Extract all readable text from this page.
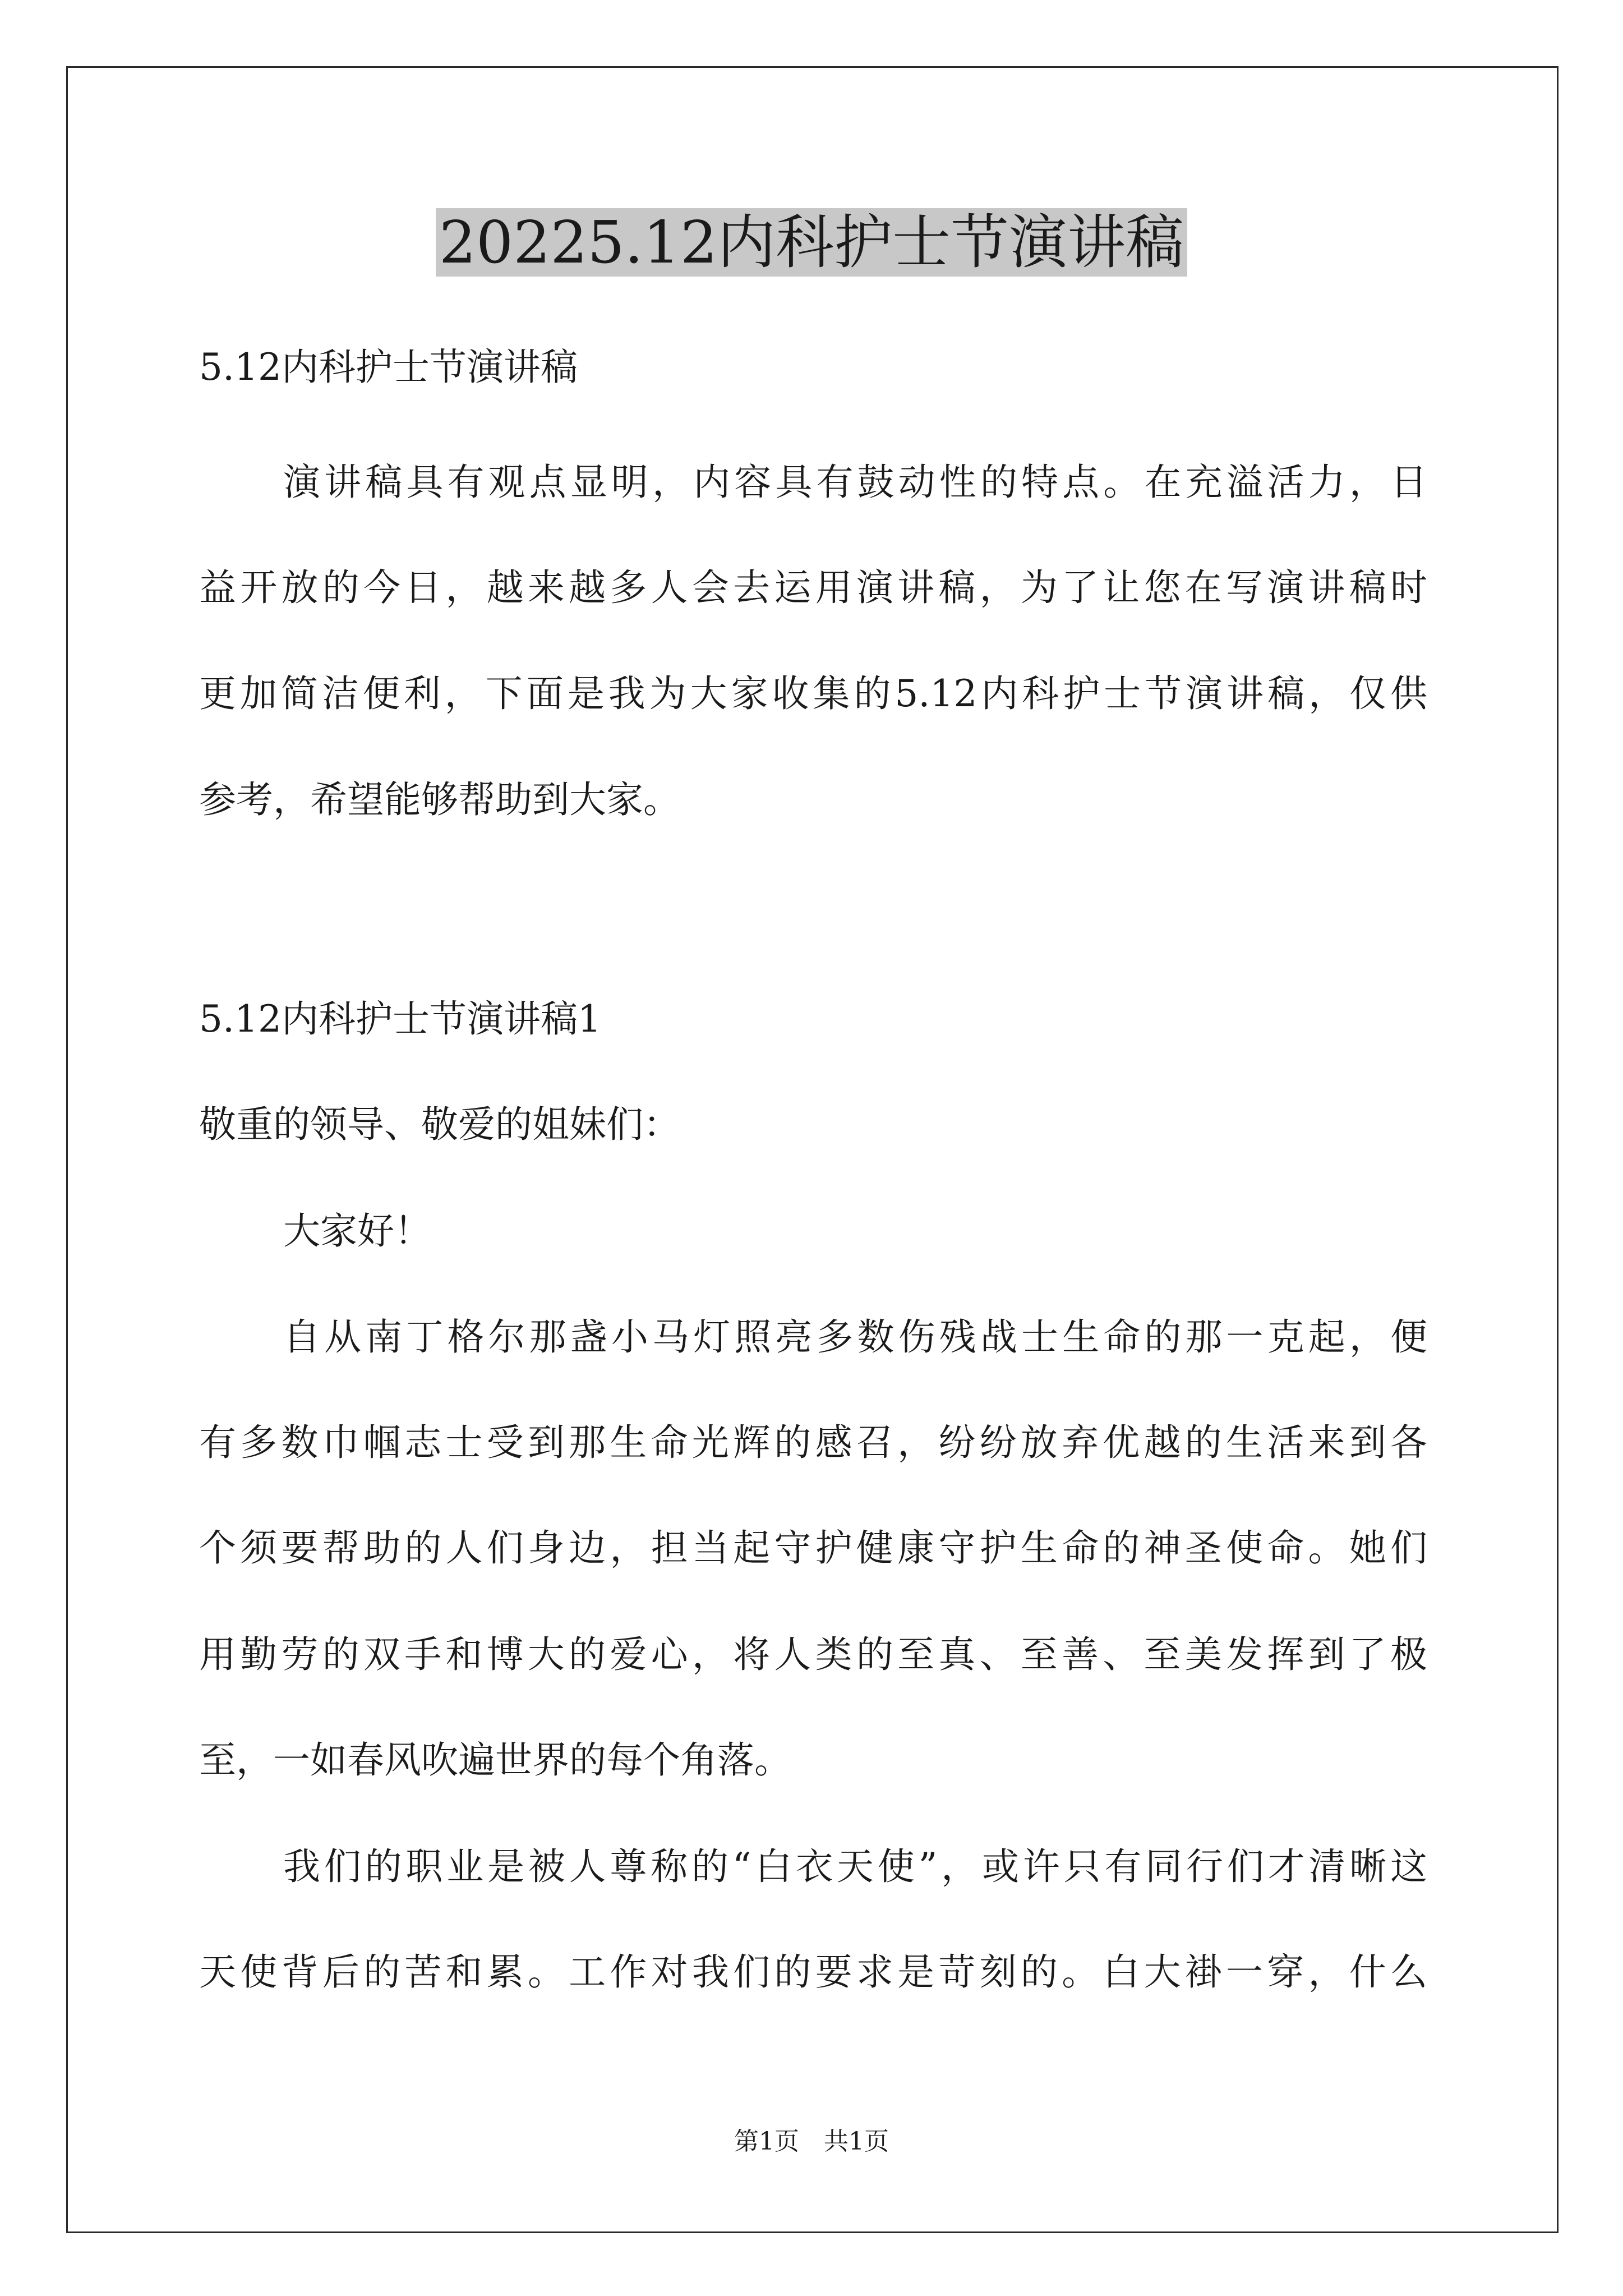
20225.12内科护士节演讲稿

5.12内科护士节演讲稿

演讲稿具有观点显明，内容具有鼓动性的特点。在充溢活力，日

益开放的今日，越来越多人会去运用演讲稿，为了让您在写演讲稿时

更加简洁便利，下面是我为大家收集的5.12内科护士节演讲稿，仅供

参考，希望能够帮助到大家。

5.12内科护士节演讲稿1

敬重的领导、敬爱的姐妹们：

大家好！

自从南丁格尔那盏小马灯照亮多数伤残战士生命的那一克起，便

有多数巾帼志士受到那生命光辉的感召，纷纷放弃优越的生活来到各

个须要帮助的人们身边，担当起守护健康守护生命的神圣使命。她们

用勤劳的双手和博大的爱心，将人类的至真、至善、至美发挥到了极

至，一如春风吹遍世界的每个角落。

我们的职业是被人尊称的“白衣天使”，或许只有同行们才清晰这

天使背后的苦和累。工作对我们的要求是苛刻的。白大褂一穿，什么

第1页　共1页
